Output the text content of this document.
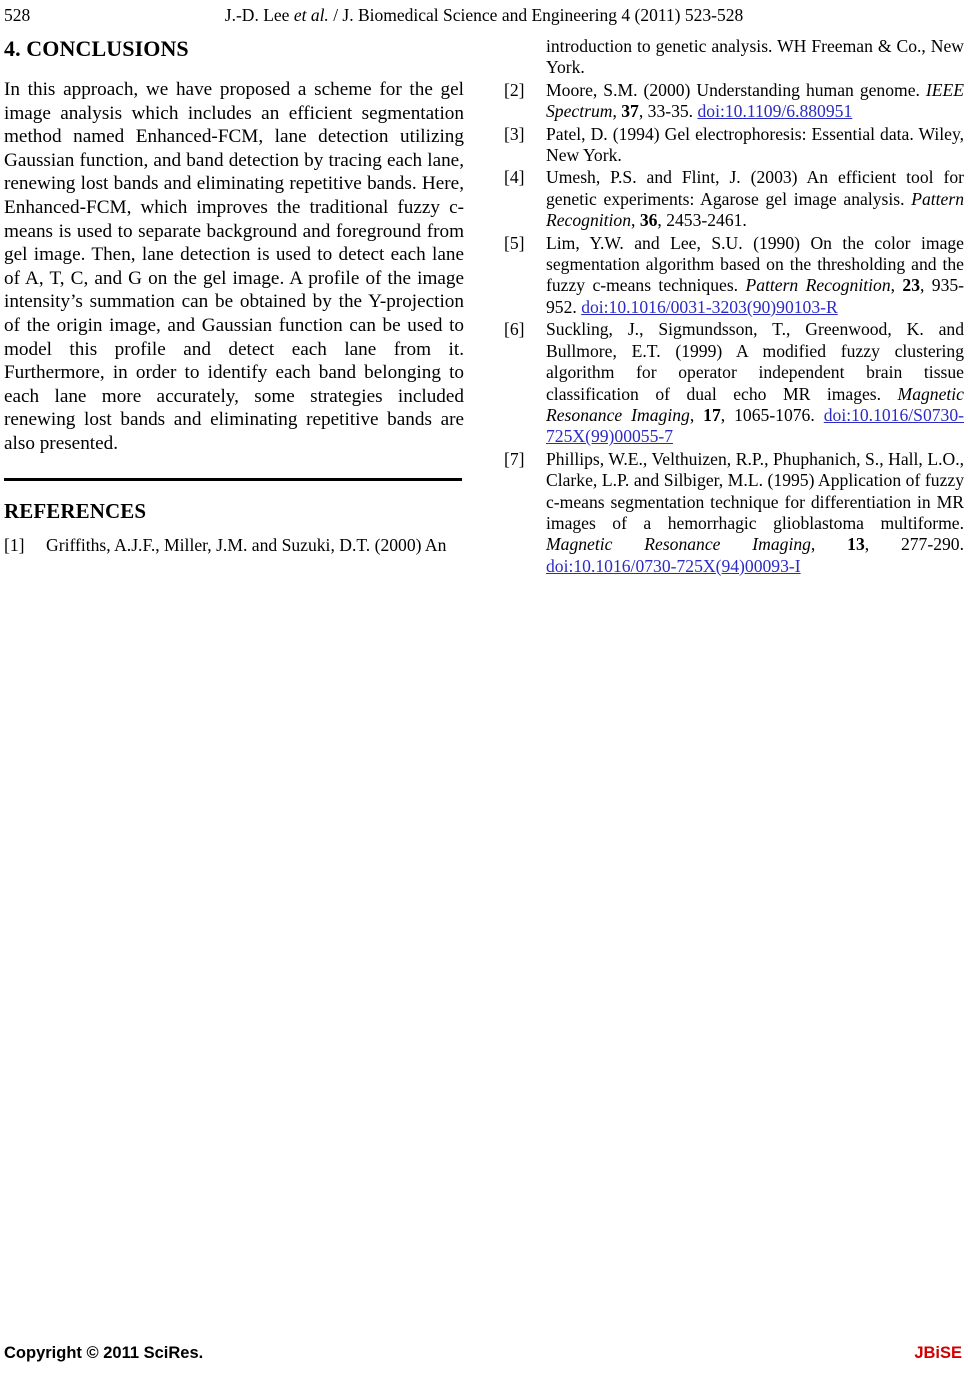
528	J.-D. Lee et al. / J. Biomedical Science and Engineering 4 (2011) 523-528
4. CONCLUSIONS

In this approach, we have proposed a scheme for the gel image analysis which includes an efficient segmentation method named Enhanced-FCM, lane detection utilizing Gaussian function, and band detection by tracing each lane, renewing lost bands and eliminating repetitive bands. Here, Enhanced-FCM, which improves the traditional fuzzy c-means is used to separate background and foreground from gel image. Then, lane detection is used to detect each lane of A, T, C, and G on the gel image. A profile of the image intensity’s summation can be obtained by the Y-projection of the origin image, and Gaussian function can be used to model this profile and detect each lane from it. Furthermore, in order to identify each band belonging to each lane more accurately, some strategies included renewing lost bands and eliminating repetitive bands are also presented.

REFERENCES
[1]	Griffiths, A.J.F., Miller, J.M. and Suzuki, D.T. (2000) An
introduction to genetic analysis. WH Freeman & Co., New York.
[2]	Moore, S.M. (2000) Understanding human genome. IEEE Spectrum, 37, 33-35. doi:10.1109/6.880951
[3]	Patel, D. (1994) Gel electrophoresis: Essential data. Wiley, New York.
[4]	Umesh, P.S. and Flint, J. (2003) An efficient tool for genetic experiments: Agarose gel image analysis. Pattern Recognition, 36, 2453-2461.
[5]	Lim, Y.W. and Lee, S.U. (1990) On the color image segmentation algorithm based on the thresholding and the fuzzy c-means techniques. Pattern Recognition, 23, 935-952. doi:10.1016/0031-3203(90)90103-R
[6]	Suckling, J., Sigmundsson, T., Greenwood, K. and Bullmore, E.T. (1999) A modified fuzzy clustering algorithm for operator independent brain tissue classification of dual echo MR images. Magnetic Resonance Imaging, 17, 1065-1076. doi:10.1016/S0730-725X(99)00055-7
[7]	Phillips, W.E., Velthuizen, R.P., Phuphanich, S., Hall, L.O., Clarke, L.P. and Silbiger, M.L. (1995) Application of fuzzy c-means segmentation technique for differentiation in MR images of a hemorrhagic glioblastoma multiforme. Magnetic Resonance Imaging, 13, 277-290. doi:10.1016/0730-725X(94)00093-I
Copyright © 2011 SciRes.	JBiSE
